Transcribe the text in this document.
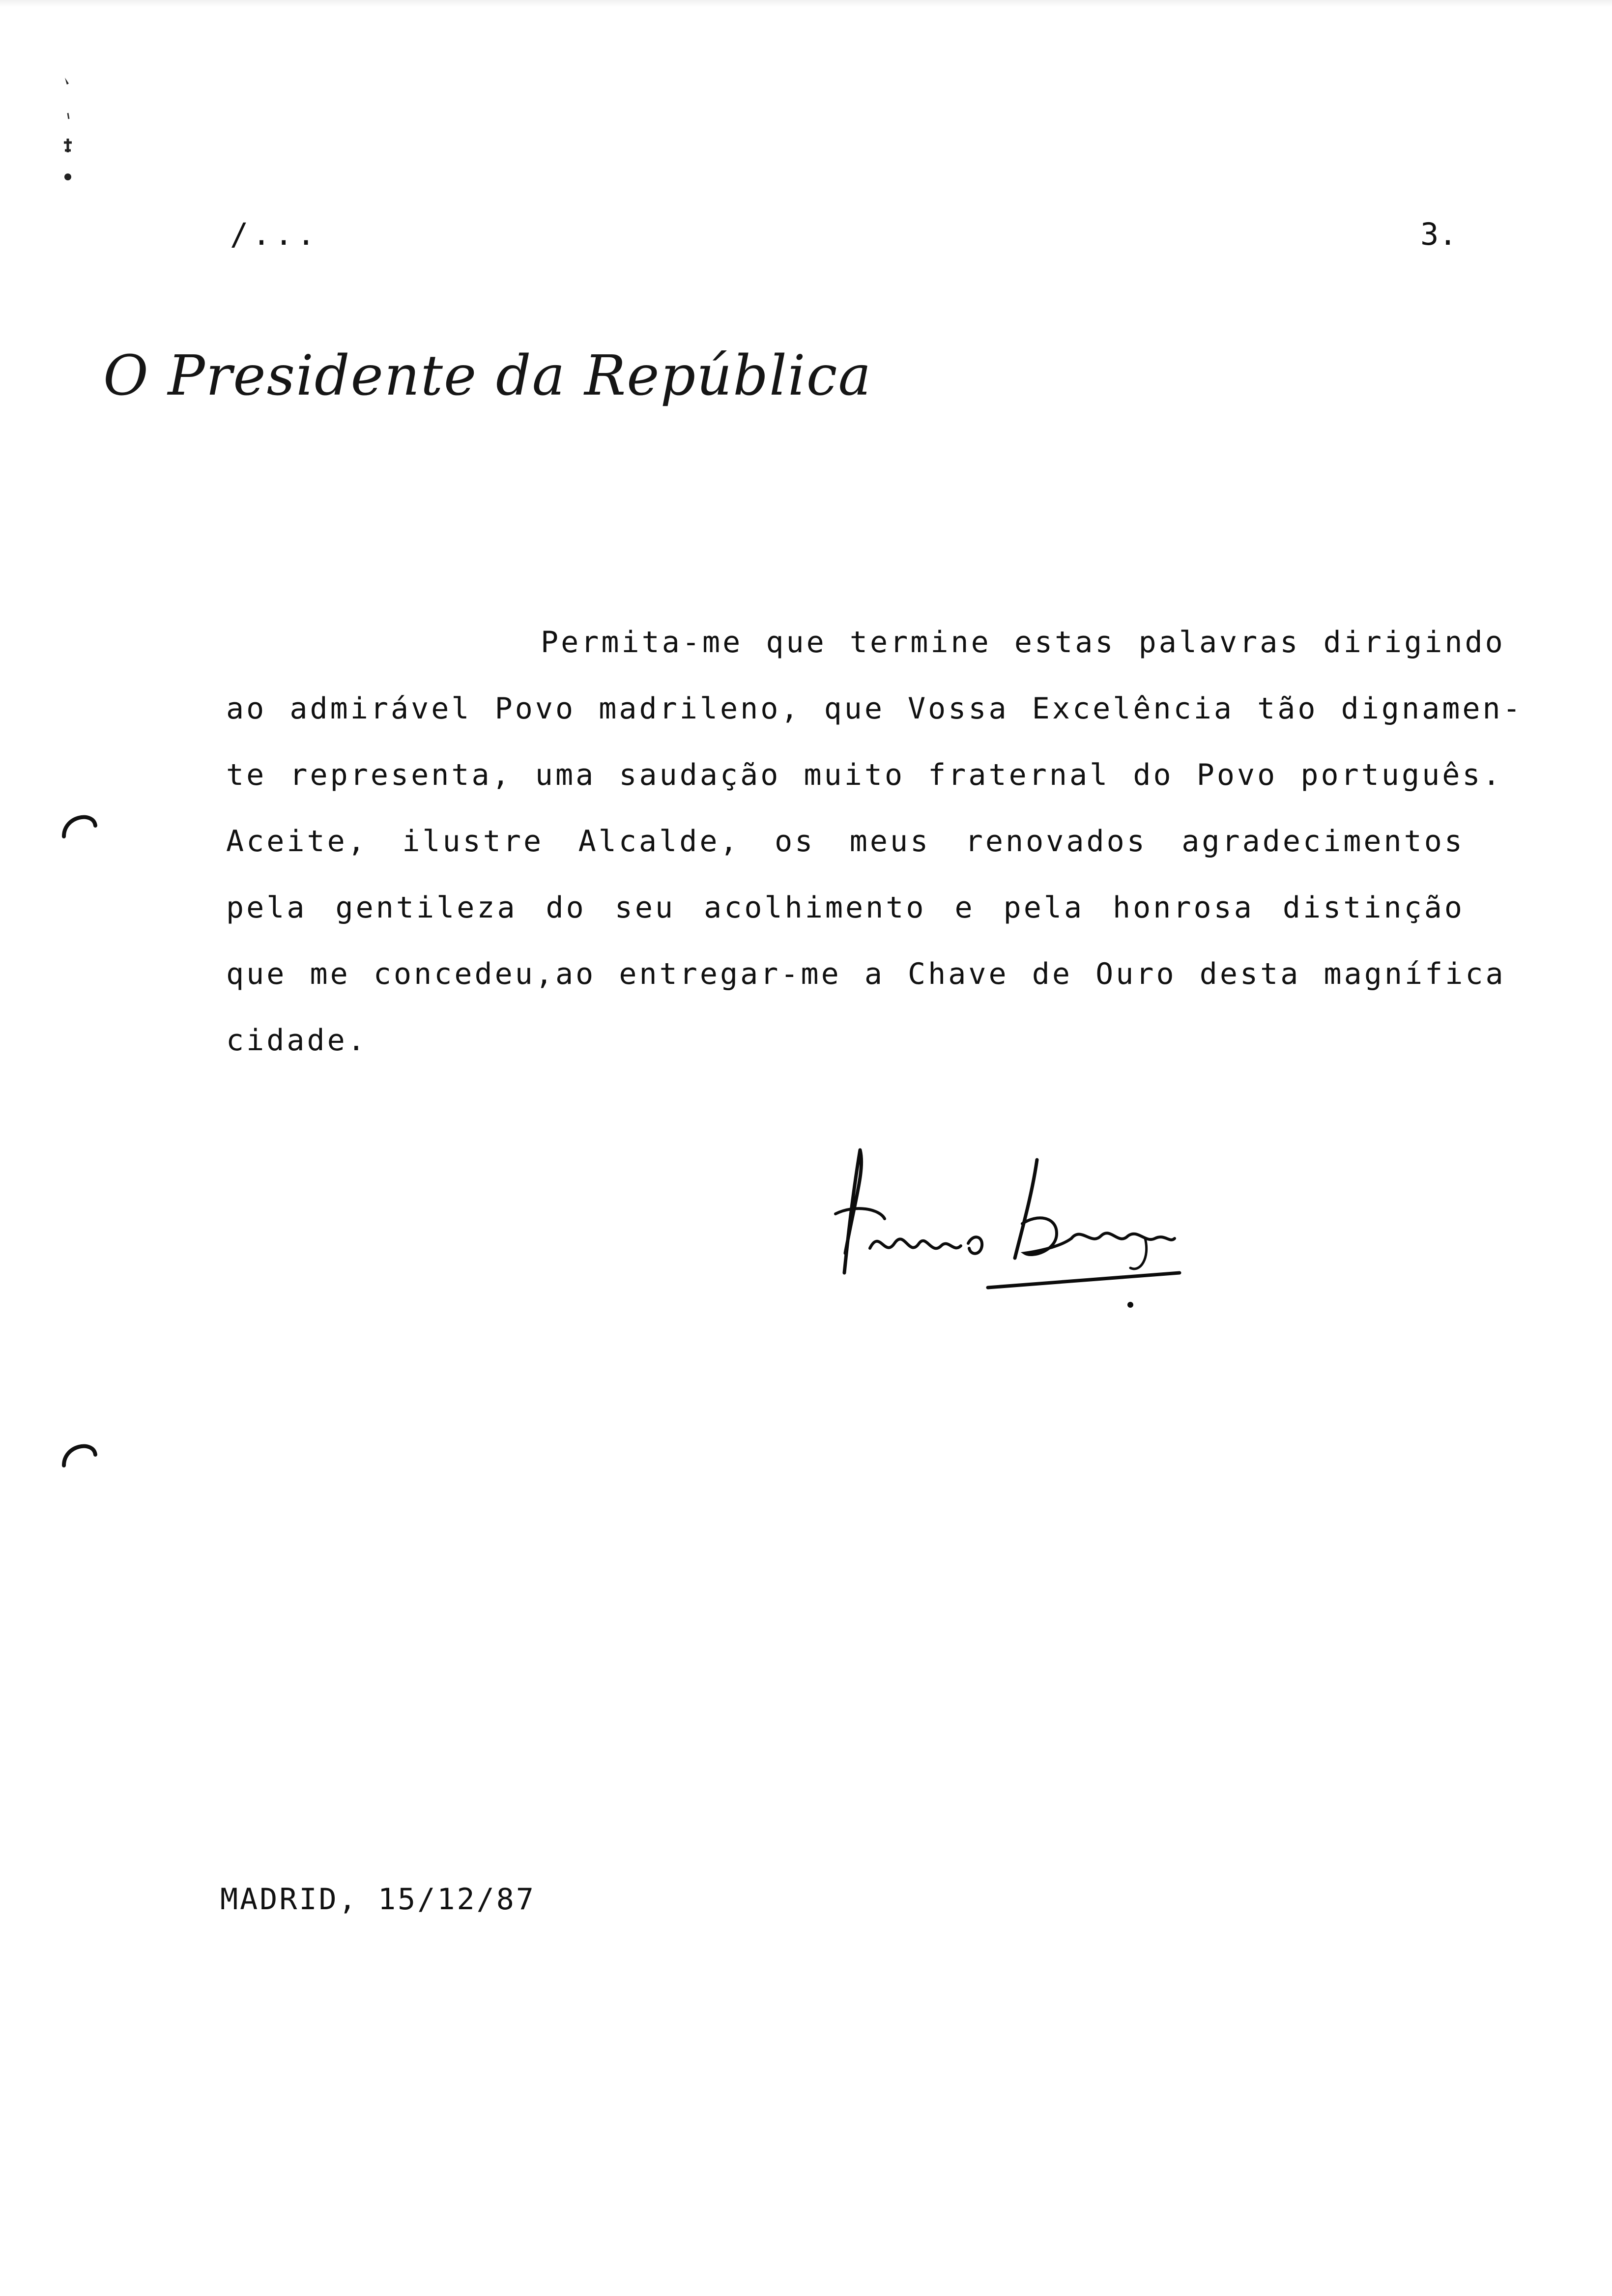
/...	3.
O Presidente da República
Permita-me que termine estas palavras dirigindo
ao admirável Povo madrileno, que Vossa Excelência tão dignamen-
te representa, uma saudação muito fraternal do Povo português.
Aceite, ilustre Alcalde, os meus renovados agradecimentos
pela gentileza do seu acolhimento e pela honrosa distinção
que me concedeu,ao entregar-me a Chave de Ouro desta magnífica
cidade.
MADRID, 15/12/87
